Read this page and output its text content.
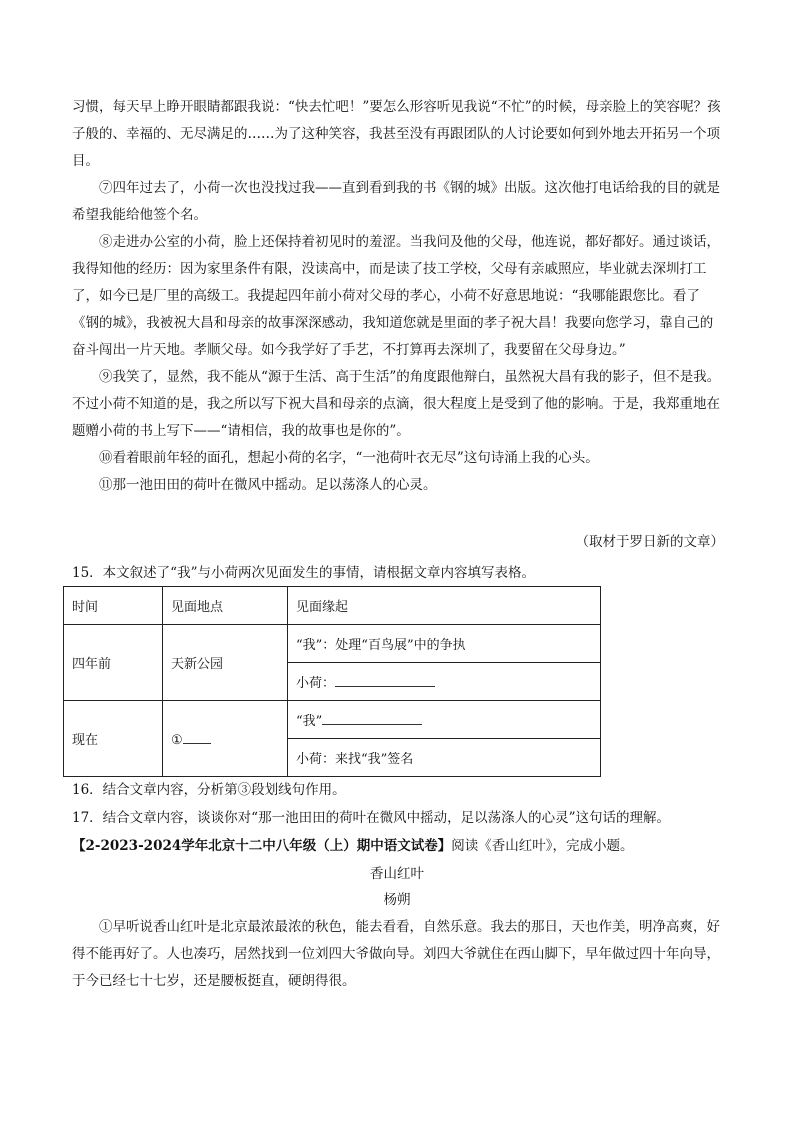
习惯，每天早上睁开眼睛都跟我说：“快去忙吧！”要怎么形容听见我说“不忙”的时候，母亲脸上的笑容呢？孩子般的、幸福的、无尽满足的……为了这种笑容，我甚至没有再跟团队的人讨论要如何到外地去开拓另一个项目。

⑦四年过去了，小荷一次也没找过我——直到看到我的书《钢的城》出版。这次他打电话给我的目的就是希望我能给他签个名。

⑧走进办公室的小荷，脸上还保持着初见时的羞涩。当我问及他的父母，他连说，都好都好。通过谈话，我得知他的经历：因为家里条件有限，没读高中，而是读了技工学校，父母有亲戚照应，毕业就去深圳打工了，如今已是厂里的高级工。我提起四年前小荷对父母的孝心，小荷不好意思地说：“我哪能跟您比。看了《钢的城》，我被祝大昌和母亲的故事深深感动，我知道您就是里面的孝子祝大昌！我要向您学习，靠自己的奋斗闯出一片天地。孝顺父母。如今我学好了手艺，不打算再去深圳了，我要留在父母身边。”

⑨我笑了，显然，我不能从“源于生活、高于生活”的角度跟他辩白，虽然祝大昌有我的影子，但不是我。不过小荷不知道的是，我之所以写下祝大昌和母亲的点滴，很大程度上是受到了他的影响。于是，我郑重地在题赠小荷的书上写下——“请相信，我的故事也是你的”。

⑩看着眼前年轻的面孔，想起小荷的名字，“一池荷叶衣无尽”这句诗涌上我的心头。

⑪那一池田田的荷叶在微风中摇动。足以荡涤人的心灵。

（取材于罗日新的文章）
15．本文叙述了“我”与小荷两次见面发生的事情，请根据文章内容填写表格。
时间	见面地点	见面缘起
四年前	天新公园	“我”：处理“百鸟展”中的争执
		小荷：
现在	①	“我”
		小荷：来找“我”签名
16．结合文章内容，分析第③段划线句作用。
17．结合文章内容，谈谈你对“那一池田田的荷叶在微风中摇动，足以荡涤人的心灵”这句话的理解。
【2-2023-2024学年北京十二中八年级（上）期中语文试卷】阅读《香山红叶》，完成小题。
香山红叶
杨朔

①早听说香山红叶是北京最浓最浓的秋色，能去看看，自然乐意。我去的那日，天也作美，明净高爽，好得不能再好了。人也凑巧，居然找到一位刘四大爷做向导。刘四大爷就住在西山脚下，早年做过四十年向导，于今已经七十七岁，还是腰板挺直，硬朗得很。
